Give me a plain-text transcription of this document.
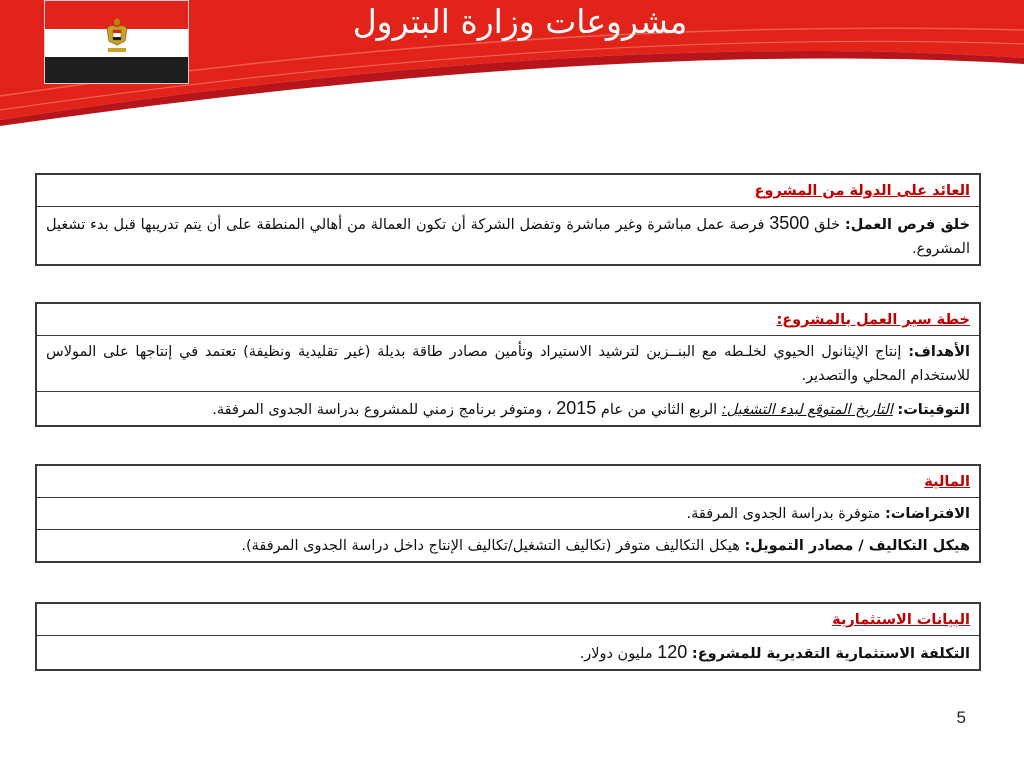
مشروعات وزارة البترول
العائد على الدولة من المشروع
خلق فرص العمل: خلق 3500 فرصة عمل مباشرة وغير مباشرة وتفضل الشركة أن تكون العمالة من أهالي المنطقة على أن يتم تدريبها قبل بدء تشغيل المشروع.
خطة سير العمل بالمشروع:
الأهداف: إنتاج الإيثانول الحيوي لخلـطه مع البنــزين لترشيد الاستيراد وتأمين مصادر طاقة بديلة (غير تقليدية ونظيفة) تعتمد في إنتاجها على المولاس للاستخدام المحلي والتصدير.
التوقيتات: التاريخ المتوقع لبدء التشغيل: الربع الثاني من عام 2015 ، ومتوفر برنامج زمني للمشروع بدراسة الجدوى المرفقة.
المالية
الافتراضات: متوفرة بدراسة الجدوى المرفقة.
هيكل التكاليف / مصادر التمويل: هيكل التكاليف متوفر (تكاليف التشغيل/تكاليف الإنتاج داخل دراسة الجدوى المرفقة).
البيانات الاستثمارية
التكلفة الاستثمارية التقديرية للمشروع: 120 مليون دولار.
5
